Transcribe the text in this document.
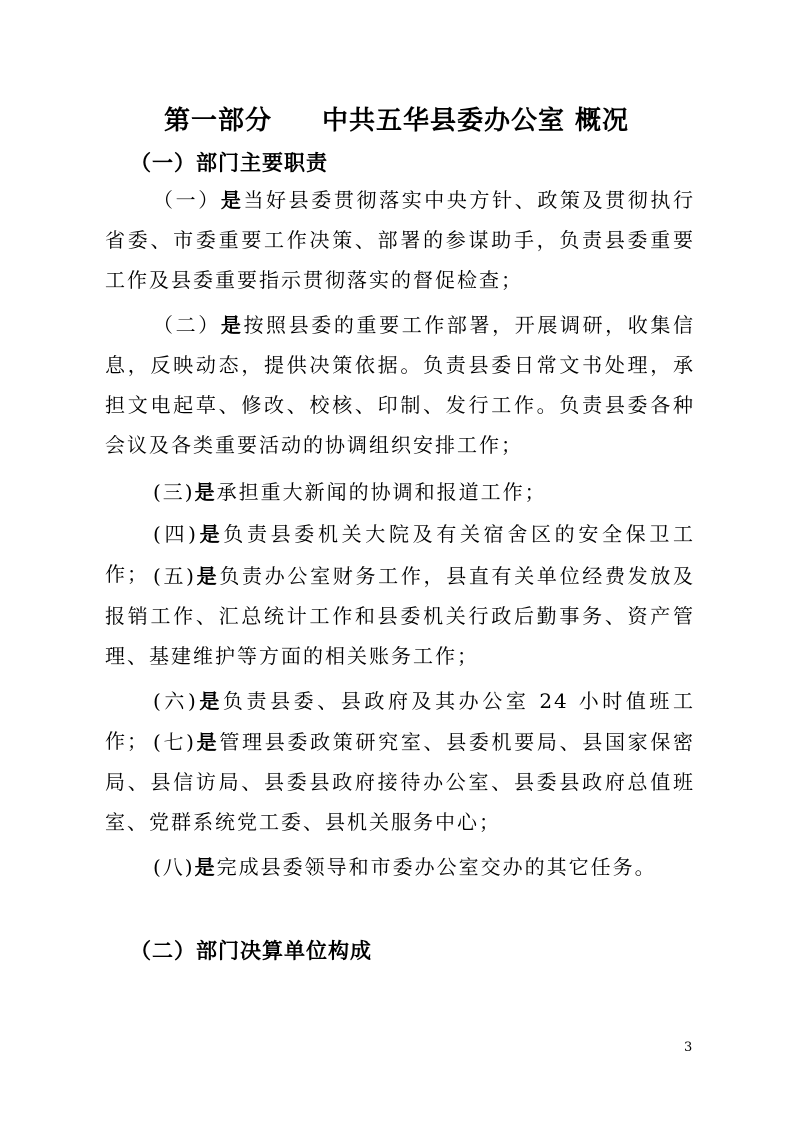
第一部分 中共五华县委办公室 概况
（一）部门主要职责
（一）是当好县委贯彻落实中央方针、政策及贯彻执行省委、市委重要工作决策、部署的参谋助手，负责县委重要工作及县委重要指示贯彻落实的督促检查；
（二）是按照县委的重要工作部署，开展调研，收集信息，反映动态，提供决策依据。负责县委日常文书处理，承担文电起草、修改、校核、印制、发行工作。负责县委各种会议及各类重要活动的协调组织安排工作；
(三)是承担重大新闻的协调和报道工作；
(四)是负责县委机关大院及有关宿舍区的安全保卫工作； (五)是负责办公室财务工作，县直有关单位经费发放及报销工作、汇总统计工作和县委机关行政后勤事务、资产管理、基建维护等方面的相关账务工作；
(六)是负责县委、县政府及其办公室 24 小时值班工作； (七)是管理县委政策研究室、县委机要局、县国家保密局、县信访局、县委县政府接待办公室、县委县政府总值班室、党群系统党工委、县机关服务中心；
(八)是完成县委领导和市委办公室交办的其它任务。
（二）部门决算单位构成
3
